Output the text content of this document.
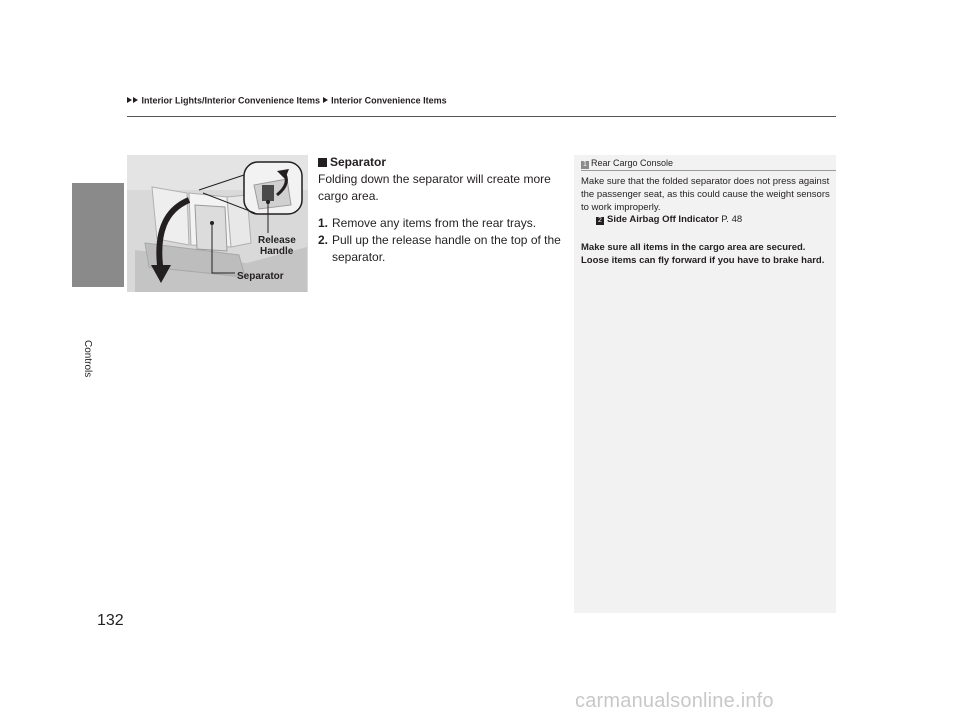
Interior Lights/Interior Convenience Items Interior Convenience Items
Controls
132
Release
Handle
Separator
Separator
Folding down the separator will create more cargo area.
1. Remove any items from the rear trays.
2. Pull up the release handle on the top of the
separator.
1 Rear Cargo Console
Make sure that the folded separator does not press against the passenger seat, as this could cause the weight sensors to work improperly.
2 Side Airbag Off Indicator P. 48
Make sure all items in the cargo area are secured. Loose items can fly forward if you have to brake hard.
carmanualsonline.info
